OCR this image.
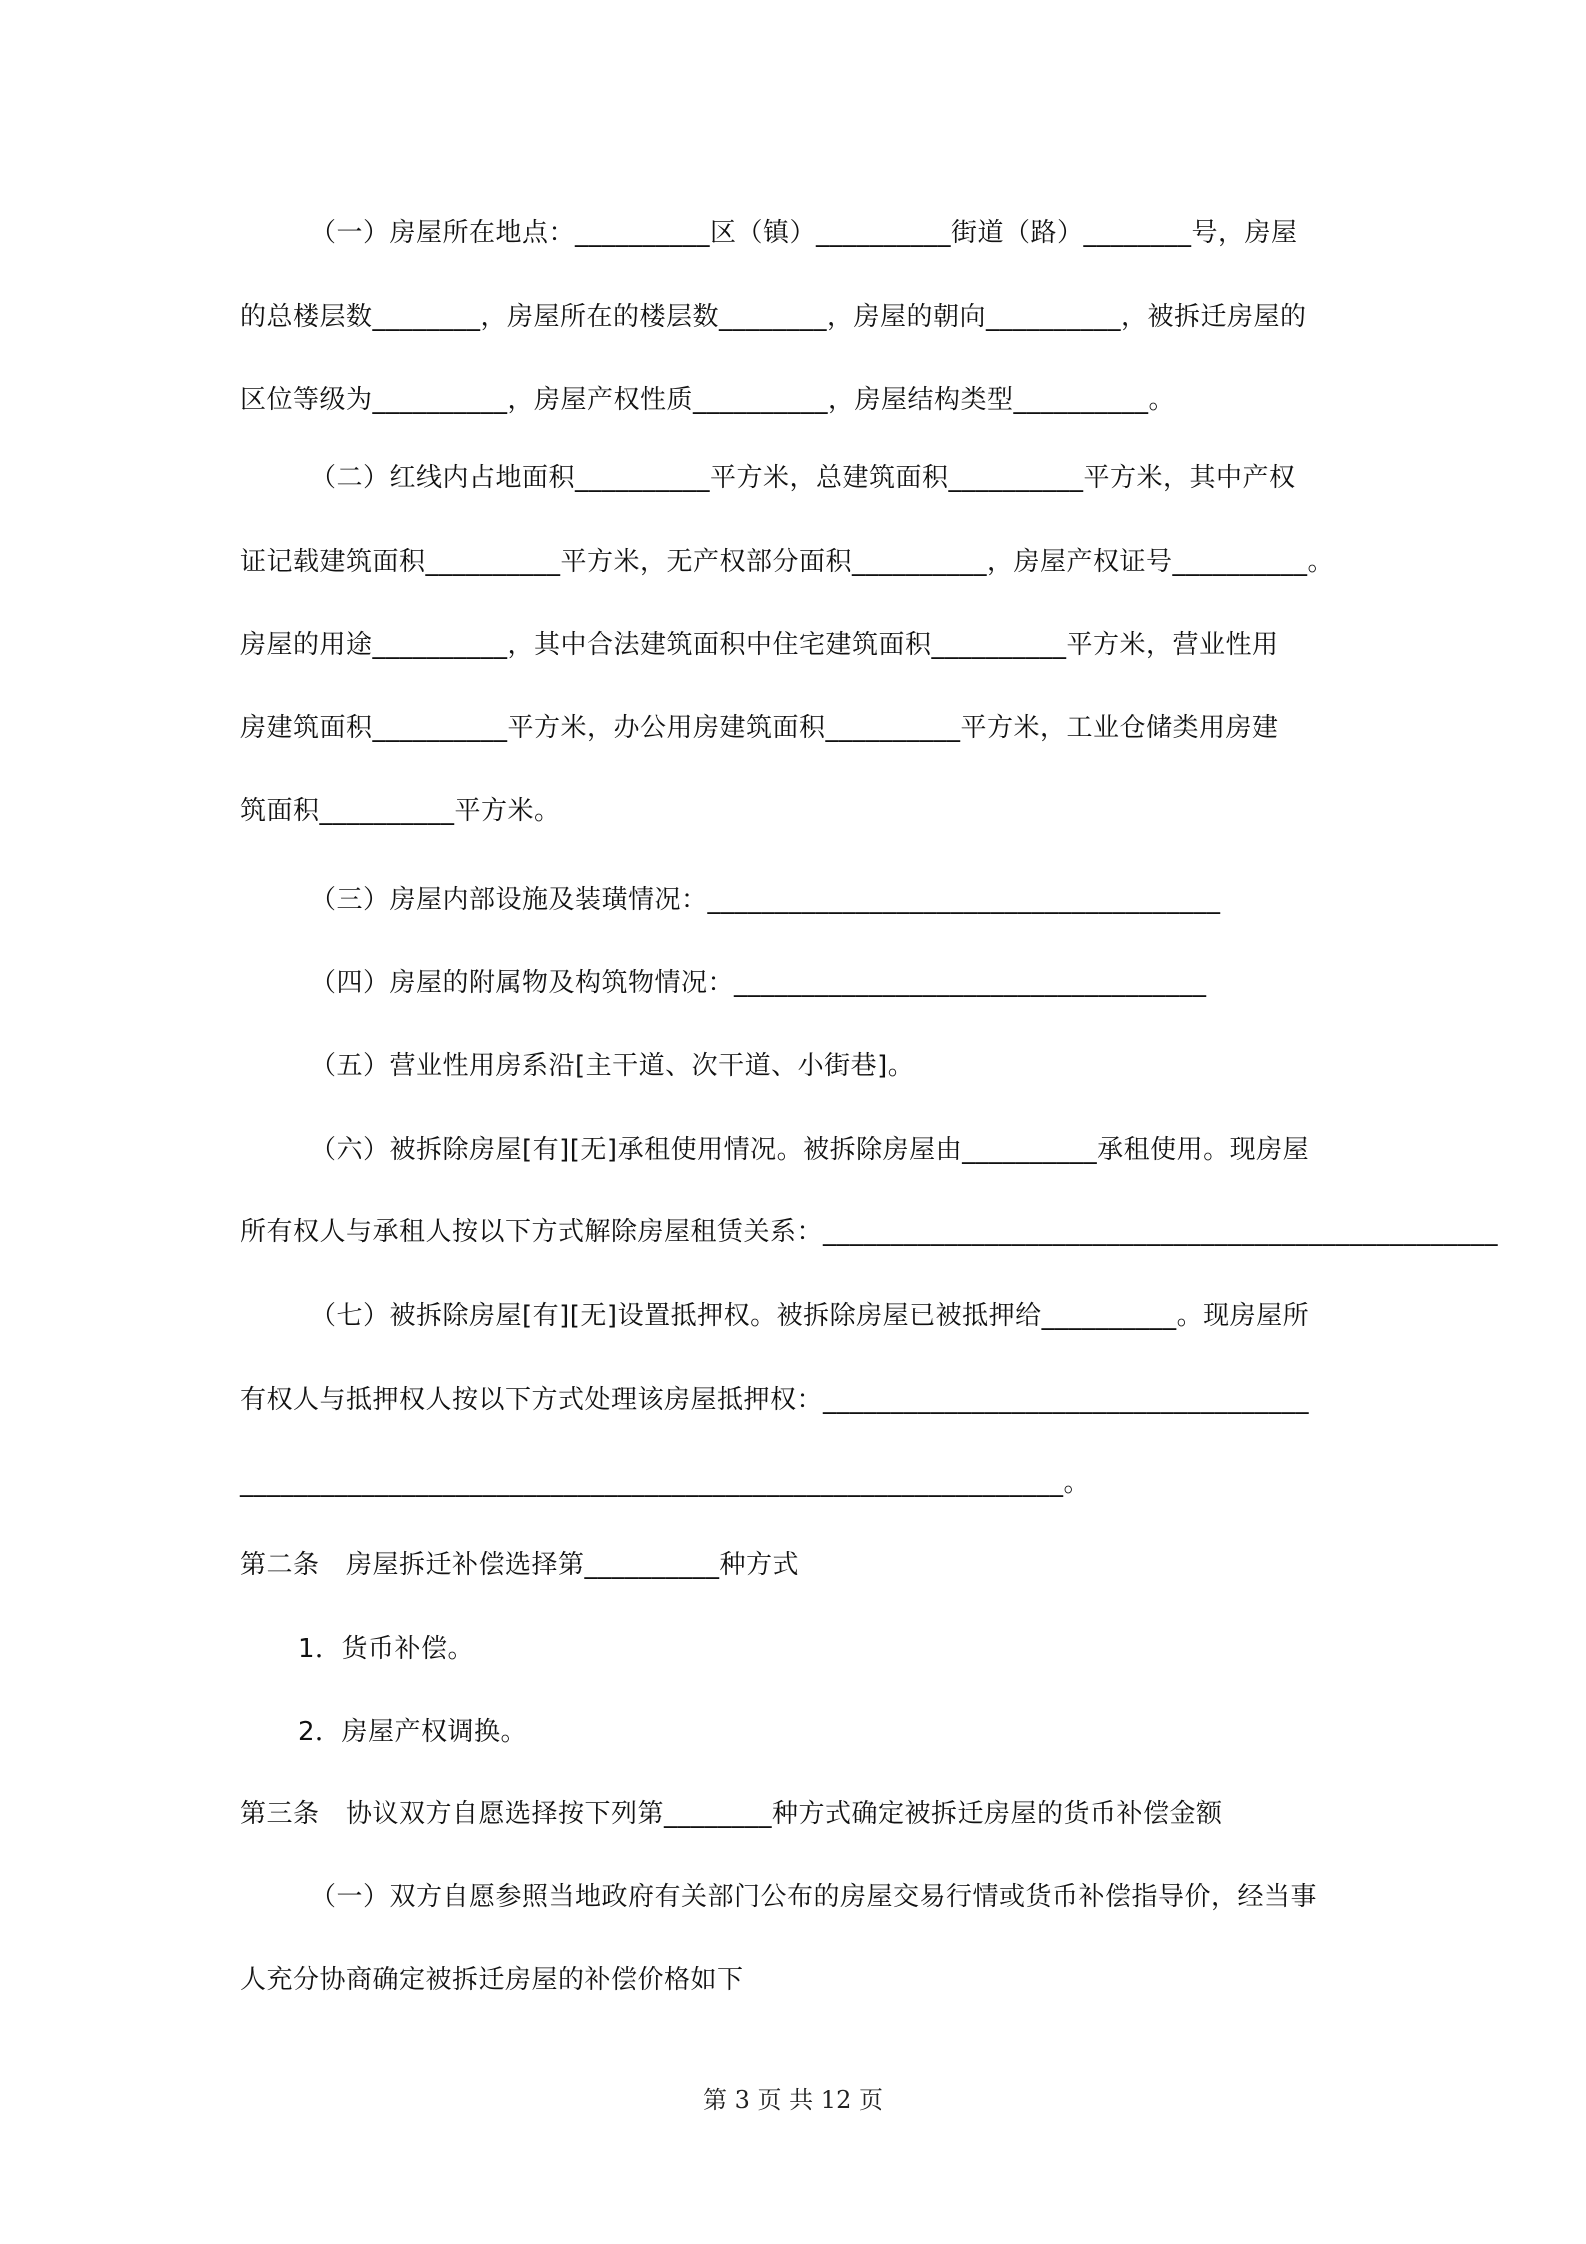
（一）房屋所在地点：__________区（镇）__________街道（路）________号，房屋
的总楼层数________，房屋所在的楼层数________，房屋的朝向__________，被拆迁房屋的
区位等级为__________，房屋产权性质__________，房屋结构类型__________。
（二）红线内占地面积__________平方米，总建筑面积__________平方米，其中产权
证记载建筑面积__________平方米，无产权部分面积__________，房屋产权证号__________。
房屋的用途__________，其中合法建筑面积中住宅建筑面积__________平方米，营业性用
房建筑面积__________平方米，办公用房建筑面积__________平方米，工业仓储类用房建
筑面积__________平方米。
（三）房屋内部设施及装璜情况：______________________________________
（四）房屋的附属物及构筑物情况：___________________________________
（五）营业性用房系沿[主干道、次干道、小街巷]。
（六）被拆除房屋[有][无]承租使用情况。被拆除房屋由__________承租使用。现房屋
所有权人与承租人按以下方式解除房屋租赁关系：__________________________________________________
（七）被拆除房屋[有][无]设置抵押权。被拆除房屋已被抵押给__________。现房屋所
有权人与抵押权人按以下方式处理该房屋抵押权：____________________________________
_____________________________________________________________。
第二条　房屋拆迁补偿选择第__________种方式
1．货币补偿。
2．房屋产权调换。
第三条　协议双方自愿选择按下列第________种方式确定被拆迁房屋的货币补偿金额
（一）双方自愿参照当地政府有关部门公布的房屋交易行情或货币补偿指导价，经当事
人充分协商确定被拆迁房屋的补偿价格如下
第 3 页 共 12 页
